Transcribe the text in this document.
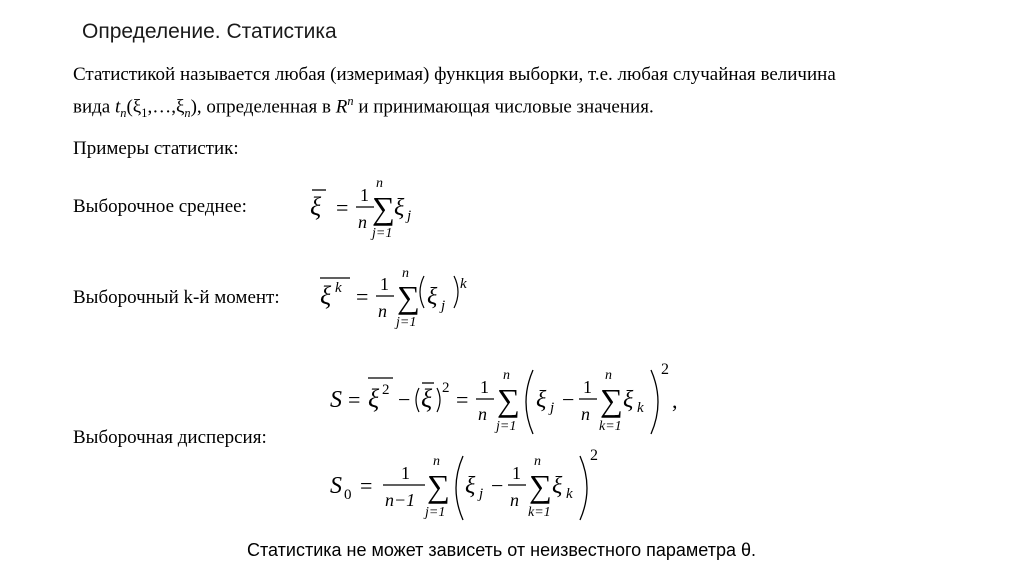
Определение. Статистика
Статистикой называется любая (измеримая) функция выборки, т.е. любая случайная величина
вида $t_n(\xi_1,\dots,\xi_n)$, определенная в $R^n$ и принимающая числовые значения.
Примеры статистик:
Выборочное среднее:
Выборочный k-й момент:
Выборочная дисперсия:
ξ = 1
n
n
∑
j=1
ξ j
ξ k = 1
n
n
∑
j=1
ξ j
k
S = ξ 2 − ξ 2 = 1
n
n
∑
j=1
ξ j − 1
n
n
∑
k=1
ξ k
2
,
S 0 = 1
n−1
n
∑
j=1
ξ j − 1
n
n
∑
k=1
ξ k
2
Статистика не может зависеть от неизвестного параметра θ.
